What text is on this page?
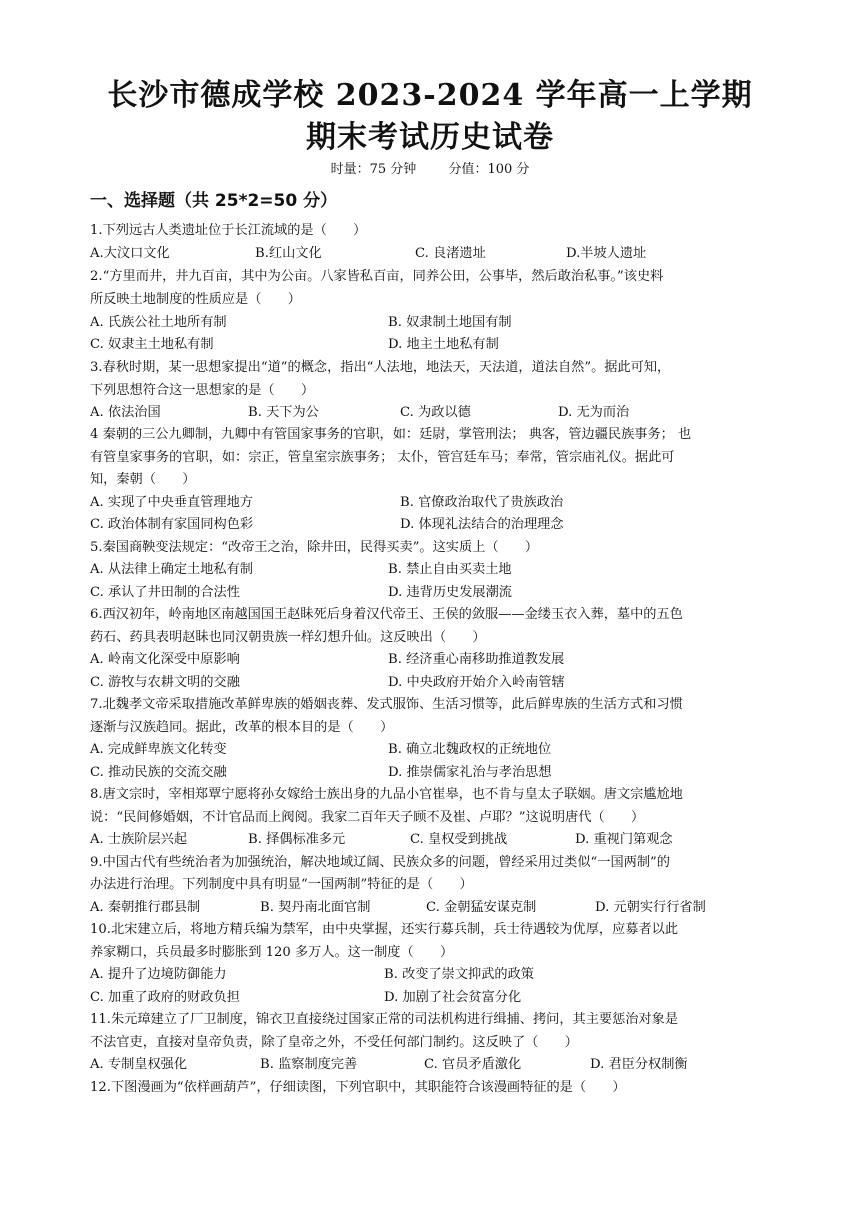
长沙市德成学校 2023-2024 学年高一上学期
期末考试历史试卷
时量：75 分钟 分值：100 分
一、选择题（共 25*2=50 分）
1.下列远古人类遗址位于长江流域的是（　　）
A.大汶口文化	B.红山文化	C. 良渚遗址	D.半坡人遗址
2.“方里而井，井九百亩，其中为公亩。八家皆私百亩，同养公田，公事毕，然后敢治私事。”该史料
所反映土地制度的性质应是（　　）
A. 氏族公社土地所有制	B. 奴隶制土地国有制
C. 奴隶主土地私有制	D. 地主土地私有制
3.春秋时期，某一思想家提出“道”的概念，指出“人法地，地法天，天法道，道法自然”。据此可知，
下列思想符合这一思想家的是（　　）
A. 依法治国	B. 天下为公	C. 为政以德	D. 无为而治
4 秦朝的三公九卿制，九卿中有管国家事务的官职，如：廷尉，掌管刑法； 典客，管边疆民族事务； 也
有管皇家事务的官职，如：宗正，管皇室宗族事务； 太仆，管宫廷车马；奉常，管宗庙礼仪。据此可
知，秦朝（　　）
A. 实现了中央垂直管理地方	B. 官僚政治取代了贵族政治
C. 政治体制有家国同构色彩	D. 体现礼法结合的治理理念
5.秦国商鞅变法规定：“改帝王之治，除井田，民得买卖”。这实质上（　　）
A. 从法律上确定土地私有制	B. 禁止自由买卖土地
C. 承认了井田制的合法性	D. 违背历史发展潮流
6.西汉初年，岭南地区南越国国王赵眛死后身着汉代帝王、王侯的敛服——金缕玉衣入葬，墓中的五色
药石、药具表明赵眛也同汉朝贵族一样幻想升仙。这反映出（　　）
A. 岭南文化深受中原影响	B. 经济重心南移助推道教发展
C. 游牧与农耕文明的交融	D. 中央政府开始介入岭南管辖
7.北魏孝文帝采取措施改革鲜卑族的婚姻丧葬、发式服饰、生活习惯等，此后鲜卑族的生活方式和习惯
逐渐与汉族趋同。据此，改革的根本目的是（　　）
A. 完成鲜卑族文化转变	B. 确立北魏政权的正统地位
C. 推动民族的交流交融	D. 推崇儒家礼治与孝治思想
8.唐文宗时，宰相郑覃宁愿将孙女嫁给士族出身的九品小官崔皋，也不肯与皇太子联姻。唐文宗尴尬地
说：“民间修婚姻，不计官品而上阀阅。我家二百年天子顾不及崔、卢耶？”这说明唐代（　　）
A. 士族阶层兴起	B. 择偶标准多元	C. 皇权受到挑战	D. 重视门第观念
9.中国古代有些统治者为加强统治，解决地域辽阔、民族众多的问题，曾经采用过类似“一国两制”的
办法进行治理。下列制度中具有明显“一国两制”特征的是（　　）
A. 秦朝推行郡县制	B. 契丹南北面官制	C. 金朝猛安谋克制	D. 元朝实行行省制
10.北宋建立后，将地方精兵编为禁军，由中央掌握，还实行募兵制，兵士待遇较为优厚，应募者以此
养家糊口，兵员最多时膨胀到 120 多万人。这一制度（　　）
A. 提升了边境防御能力	B. 改变了崇文抑武的政策
C. 加重了政府的财政负担	D. 加剧了社会贫富分化
11.朱元璋建立了厂卫制度，锦衣卫直接绕过国家正常的司法机构进行缉捕、拷问，其主要惩治对象是
不法官吏，直接对皇帝负责，除了皇帝之外，不受任何部门制约。这反映了（　　）
A. 专制皇权强化	B. 监察制度完善	C. 官员矛盾激化	D. 君臣分权制衡
12.下图漫画为“依样画葫芦”，仔细读图，下列官职中，其职能符合该漫画特征的是（　　）
